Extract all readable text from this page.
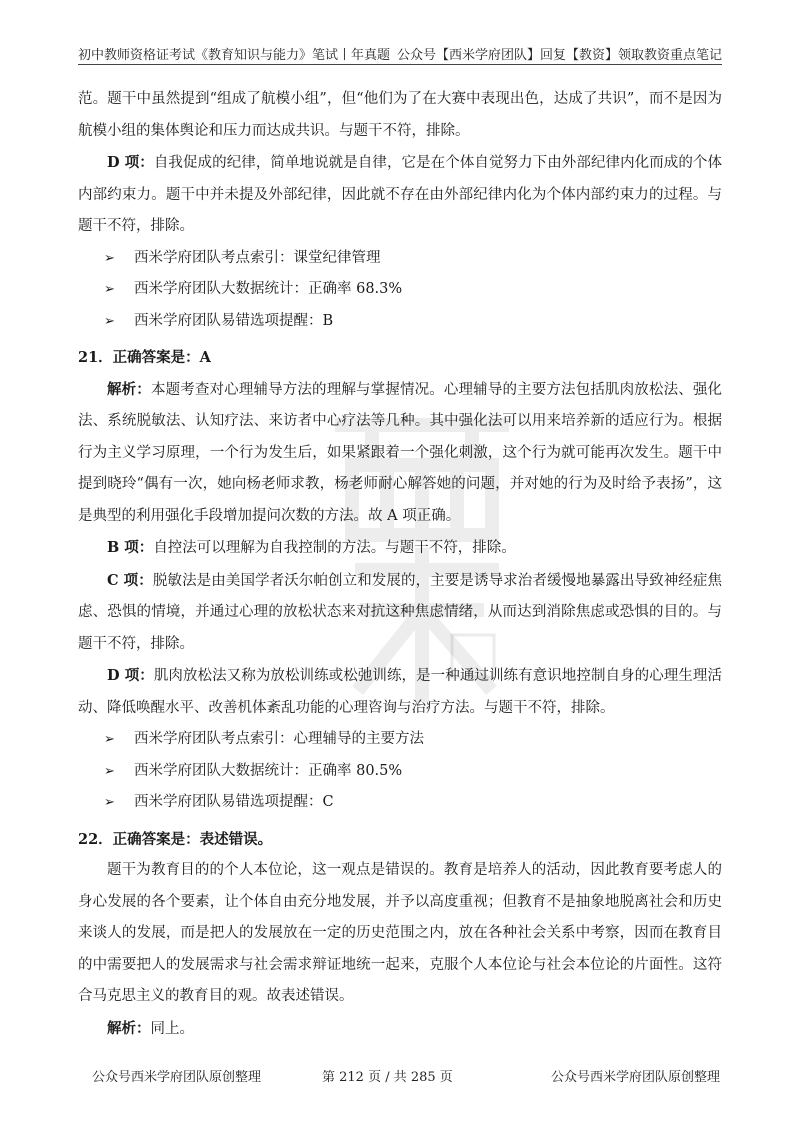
初中教师资格证考试《教育知识与能力》笔试丨年真题 公众号【西米学府团队】回复【教资】领取教资重点笔记

范。题干中虽然提到“组成了航模小组”，但“他们为了在大赛中表现出色，达成了共识”，而不是因为航模小组的集体舆论和压力而达成共识。与题干不符，排除。

D 项：自我促成的纪律，简单地说就是自律，它是在个体自觉努力下由外部纪律内化而成的个体内部约束力。题干中并未提及外部纪律，因此就不存在由外部纪律内化为个体内部约束力的过程。与题干不符，排除。

➢ 西米学府团队考点索引：课堂纪律管理
➢ 西米学府团队大数据统计：正确率 68.3%
➢ 西米学府团队易错选项提醒：B

21．正确答案是：A

解析：本题考查对心理辅导方法的理解与掌握情况。心理辅导的主要方法包括肌肉放松法、强化法、系统脱敏法、认知疗法、来访者中心疗法等几种。其中强化法可以用来培养新的适应行为。根据行为主义学习原理，一个行为发生后，如果紧跟着一个强化刺激，这个行为就可能再次发生。题干中提到晓玲“偶有一次，她向杨老师求教，杨老师耐心解答她的问题，并对她的行为及时给予表扬”，这是典型的利用强化手段增加提问次数的方法。故 A 项正确。

B 项：自控法可以理解为自我控制的方法。与题干不符，排除。

C 项：脱敏法是由美国学者沃尔帕创立和发展的，主要是诱导求治者缓慢地暴露出导致神经症焦虑、恐惧的情境，并通过心理的放松状态来对抗这种焦虑情绪，从而达到消除焦虑或恐惧的目的。与题干不符，排除。

D 项：肌肉放松法又称为放松训练或松弛训练，是一种通过训练有意识地控制自身的心理生理活动、降低唤醒水平、改善机体紊乱功能的心理咨询与治疗方法。与题干不符，排除。

➢ 西米学府团队考点索引：心理辅导的主要方法
➢ 西米学府团队大数据统计：正确率 80.5%
➢ 西米学府团队易错选项提醒：C

22．正确答案是：表述错误。

题干为教育目的的个人本位论，这一观点是错误的。教育是培养人的活动，因此教育要考虑人的身心发展的各个要素，让个体自由充分地发展，并予以高度重视；但教育不是抽象地脱离社会和历史来谈人的发展，而是把人的发展放在一定的历史范围之内，放在各种社会关系中考察，因而在教育目的中需要把人的发展需求与社会需求辩证地统一起来，克服个人本位论与社会本位论的片面性。这符合马克思主义的教育目的观。故表述错误。

解析：同上。

公众号西米学府团队原创整理	第 212 页 / 共 285 页	公众号西米学府团队原创整理
